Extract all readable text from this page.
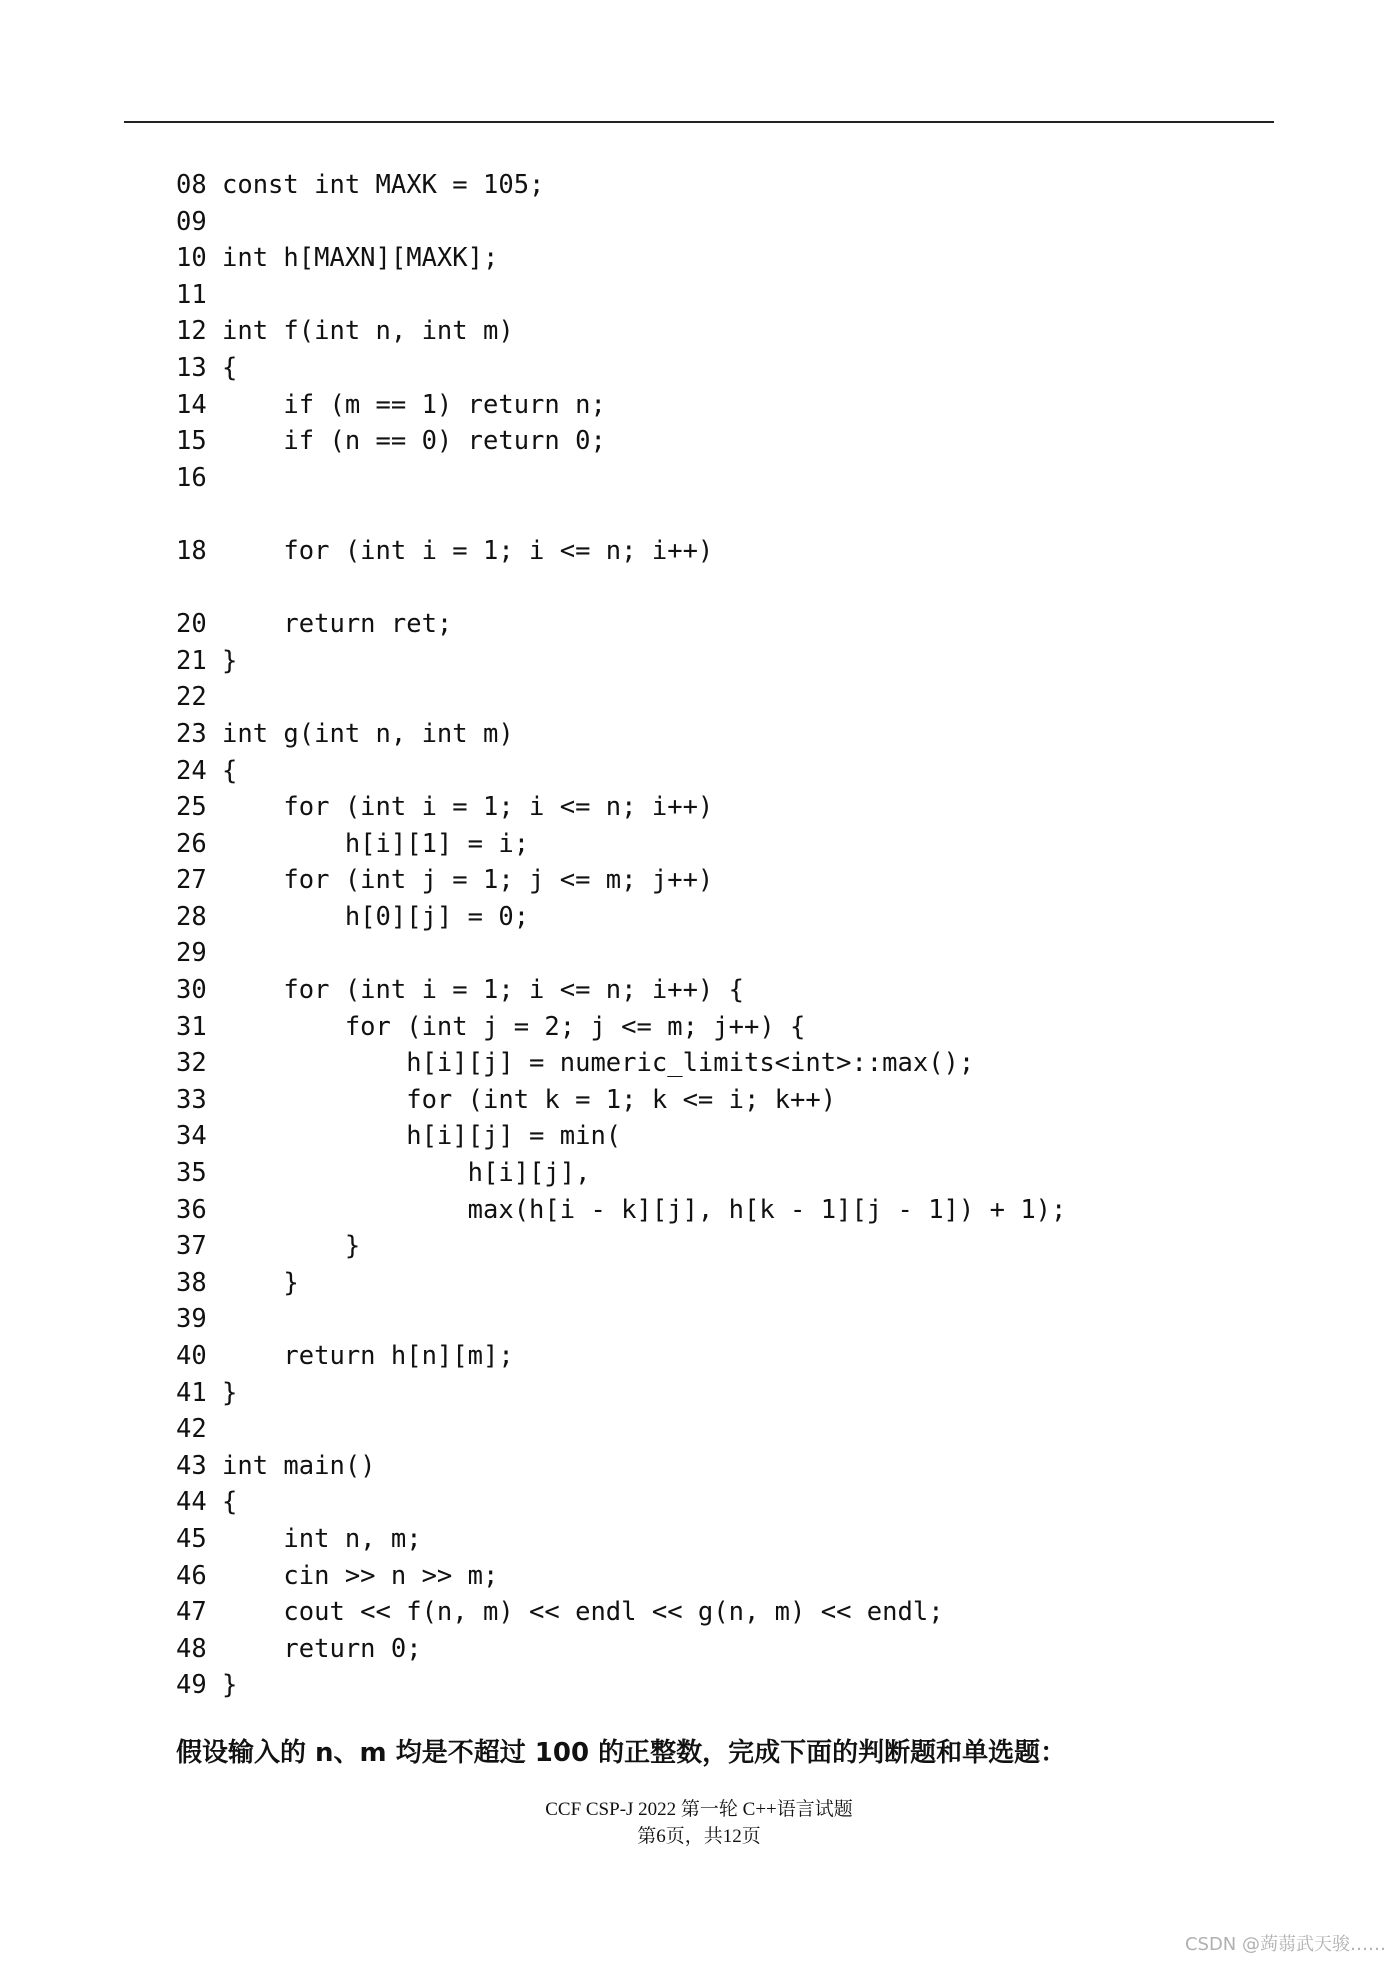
08 const int MAXK = 105;
09
10 int h[MAXN][MAXK];
11
12 int f(int n, int m)
13 {
14    if (m == 1) return n;
15    if (n == 0) return 0;
16
18    for (int i = 1; i <= n; i++)
20    return ret;
21 }
22
23 int g(int n, int m)
24 {
25    for (int i = 1; i <= n; i++)
26        h[i][1] = i;
27    for (int j = 1; j <= m; j++)
28        h[0][j] = 0;
29
30    for (int i = 1; i <= n; i++) {
31        for (int j = 2; j <= m; j++) {
32            h[i][j] = numeric_limits<int>::max();
33            for (int k = 1; k <= i; k++)
34            h[i][j] = min(
35                h[i][j],
36                max(h[i - k][j], h[k - 1][j - 1]) + 1);
37        }
38    }
39
40    return h[n][m];
41 }
42
43 int main()
44 {
45    int n, m;
46    cin >> n >> m;
47    cout << f(n, m) << endl << g(n, m) << endl;
48    return 0;
49 }
假设输入的 n、m 均是不超过 100 的正整数，完成下面的判断题和单选题：
CCF CSP-J 2022 第一轮 C++语言试题
第6页，共12页
CSDN @蒟蒻武天骏……
